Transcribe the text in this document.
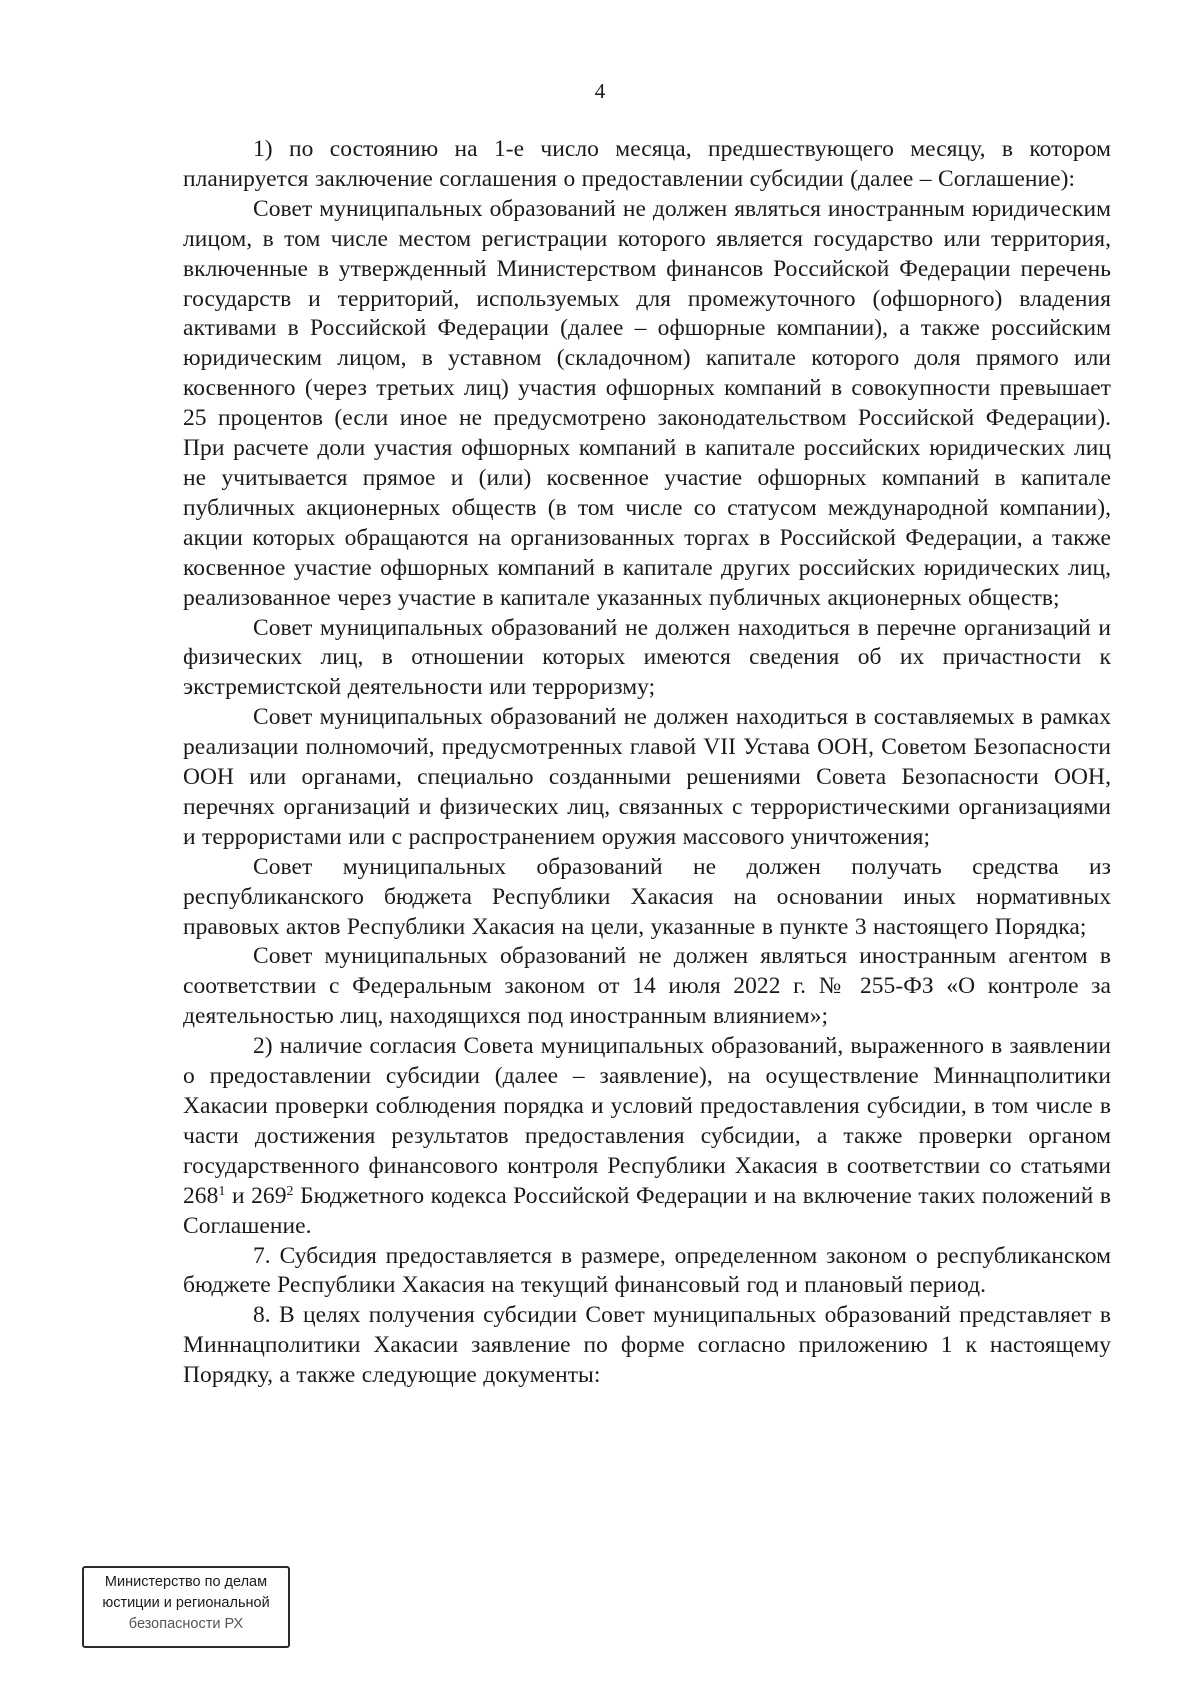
4

1) по состоянию на 1-е число месяца, предшествующего месяцу, в котором планируется заключение соглашения о предоставлении субсидии (далее – Соглашение):

Совет муниципальных образований не должен являться иностранным юридическим лицом, в том числе местом регистрации которого является государство или территория, включенные в утвержденный Министерством финансов Российской Федерации перечень государств и территорий, используемых для промежуточного (офшорного) владения активами в Российской Федерации (далее – офшорные компании), а также российским юридическим лицом, в уставном (складочном) капитале которого доля прямого или косвенного (через третьих лиц) участия офшорных компаний в совокупности превышает 25 процентов (если иное не предусмотрено законодательством Российской Федерации). При расчете доли участия офшорных компаний в капитале российских юридических лиц не учитывается прямое и (или) косвенное участие офшорных компаний в капитале публичных акционерных обществ (в том числе со статусом международной компании), акции которых обращаются на организованных торгах в Российской Федерации, а также косвенное участие офшорных компаний в капитале других российских юридических лиц, реализованное через участие в капитале указанных публичных акционерных обществ;

Совет муниципальных образований не должен находиться в перечне организаций и физических лиц, в отношении которых имеются сведения об их причастности к экстремистской деятельности или терроризму;

Совет муниципальных образований не должен находиться в составляемых в рамках реализации полномочий, предусмотренных главой VII Устава ООН, Советом Безопасности ООН или органами, специально созданными решениями Совета Безопасности ООН, перечнях организаций и физических лиц, связанных с террористическими организациями и террористами или с распространением оружия массового уничтожения;

Совет муниципальных образований не должен получать средства из республиканского бюджета Республики Хакасия на основании иных нормативных правовых актов Республики Хакасия на цели, указанные в пункте 3 настоящего Порядка;

Совет муниципальных образований не должен являться иностранным агентом в соответствии с Федеральным законом от 14 июля 2022 г. № 255-ФЗ «О контроле за деятельностью лиц, находящихся под иностранным влиянием»;

2) наличие согласия Совета муниципальных образований, выраженного в заявлении о предоставлении субсидии (далее – заявление), на осуществление Миннацполитики Хакасии проверки соблюдения порядка и условий предоставления субсидии, в том числе в части достижения результатов предоставления субсидии, а также проверки органом государственного финансового контроля Республики Хакасия в соответствии со статьями $268^1$ и $269^2$ Бюджетного кодекса Российской Федерации и на включение таких положений в Соглашение.

7. Субсидия предоставляется в размере, определенном законом о республиканском бюджете Республики Хакасия на текущий финансовый год и плановый период.

8. В целях получения субсидии Совет муниципальных образований представляет в Миннацполитики Хакасии заявление по форме согласно приложению 1 к настоящему Порядку, а также следующие документы:

Министерство по делам
юстиции и региональной
безопасности РХ
